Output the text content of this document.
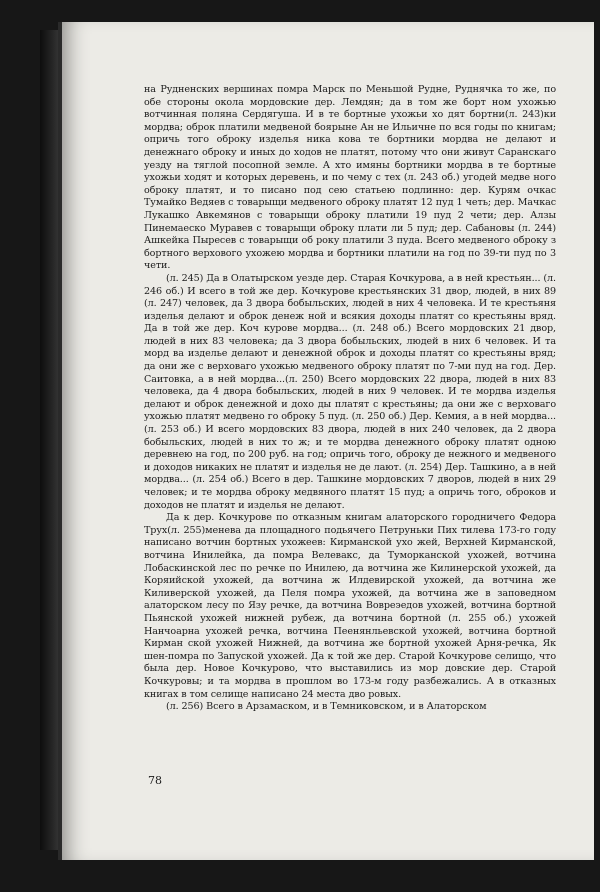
на Рудненских вершинах помра Марск по Меньшой Рудне, Руднячка то же, по обе стороны окола мордовские дер. Лемдян; да в том же борт ном ухожью вотчинная поляна Сердягуша. И в те бортные ухожьи хо дят бортни(л. 243)ки мордва; оброк платили медвеной боярыне Ан не Ильичне по вся годы по книгам; опричь того оброку изделья ника кова те бортники мордва не делают и денежнаго оброку и иных до ходов не платят, потому что они живут Саранскаго уезду на тяглой посопной земле. А хто имяны бортники мордва в те бортные ухожьи ходят и которых деревень, и по чему с тех (л. 243 об.) угодей медве ного оброку платят, и то писано под сею статьею подлинно: дер. Курям очкас Тумайко Ведяев с товарыщи медвеного оброку платят 12 пуд 1 четь; дер. Мачкас Лукашко Авкемянов с товарыщи оброку платили 19 пуд 2 чети; дер. Алзы Пинемаеско Муравев с товарыщи оброку плати ли 5 пуд; дер. Сабановы (л. 244) Ашкейка Пыресев с товарыщи об року платили 3 пуда. Всего медвеного оброку з бортного верхового ухожею мордва и бортники платили на год по 39-ти пуд по 3 чети.

(л. 245) Да в Олатырском уезде дер. Старая Кочкурова, а в ней крестьян... (л. 246 об.) И всего в той же дер. Кочкурове крестьянских 31 двор, людей, в них 89 (л. 247) человек, да 3 двора бобыльских, людей в них 4 человека. И те крестьяня изделья делают и оброк денеж ной и всякия доходы платят со крестьяны вряд. Да в той же дер. Коч курове мордва... (л. 248 об.) Всего мордовских 21 двор, людей в них 83 человека; да 3 двора бобыльских, людей в них 6 человек. И та морд ва изделье делают и денежной оброк и доходы платят со крестьяны вряд; да они же с верховаго ухожью медвеного оброку платят по 7-ми пуд на год. Дер. Саитовка, а в ней мордва...(л. 250) Всего мордовских 22 двора, людей в них 83 человека, да 4 двора бобыльских, людей в них 9 человек. И те мордва изделья делают и оброк денежной и дохо ды платят с крестьяны; да они же с верховаго ухожью платят медвено го оброку 5 пуд. (л. 250 об.) Дер. Кемия, а в ней мордва... (л. 253 об.) И всего мордовских 83 двора, людей в них 240 человек, да 2 двора бобыльских, людей в них то ж; и те мордва денежного оброку платят одною деревнею на год, по 200 руб. на год; опричь того, оброку де нежного и медвеного и доходов никаких не платят и изделья не де лают. (л. 254) Дер. Ташкино, а в ней мордва... (л. 254 об.) Всего в дер. Ташкине мордовских 7 дворов, людей в них 29 человек; и те мордва оброку медвяного платят 15 пуд; а опричь того, оброков и доходов не платят и изделья не делают.

Да к дер. Кочкурове по отказным книгам алаторского городничего Федора Трух(л. 255)менева да площадного подьячего Петруньки Пих тилева 173-го году написано вотчин бортных ухожеев: Кирманской ухо жей, Верхней Кирманской, вотчина Инилейка, да помра Велевакс, да Туморканской ухожей, вотчина Лобаскинской лес по речке по Инилею, да вотчина же Килинерской ухожей, да Коряийской ухожей, да вотчина ж Илдевирской ухожей, да вотчина же Киливерской ухожей, да Пеля помра ухожей, да вотчина же в заповедном алаторском лесу по Язу речке, да вотчина Вовреэедов ухожей, вотчина бортной Пьянской ухожей нижней рубеж, да вотчина бортной (л. 255 об.) ухожей Нанчоарна ухожей речка, вотчина Пеенянльевской ухожей, вотчина бортной Кирман ской ухожей Нижней, да вотчина же бортной ухожей Арня-речка, Як шен-помра по Запуской ухожей. Да к той же дер. Старой Кочкурове селищо, что была дер. Новое Кочкурово, что выставились из мор довские дер. Старой Кочкуровы; и та мордва в прошлом во 173-м году разбежались. А в отказных книгах в том селище написано 24 места дво ровых.

(л. 256) Всего в Арзамаском, и в Темниковском, и в Алаторском

78
